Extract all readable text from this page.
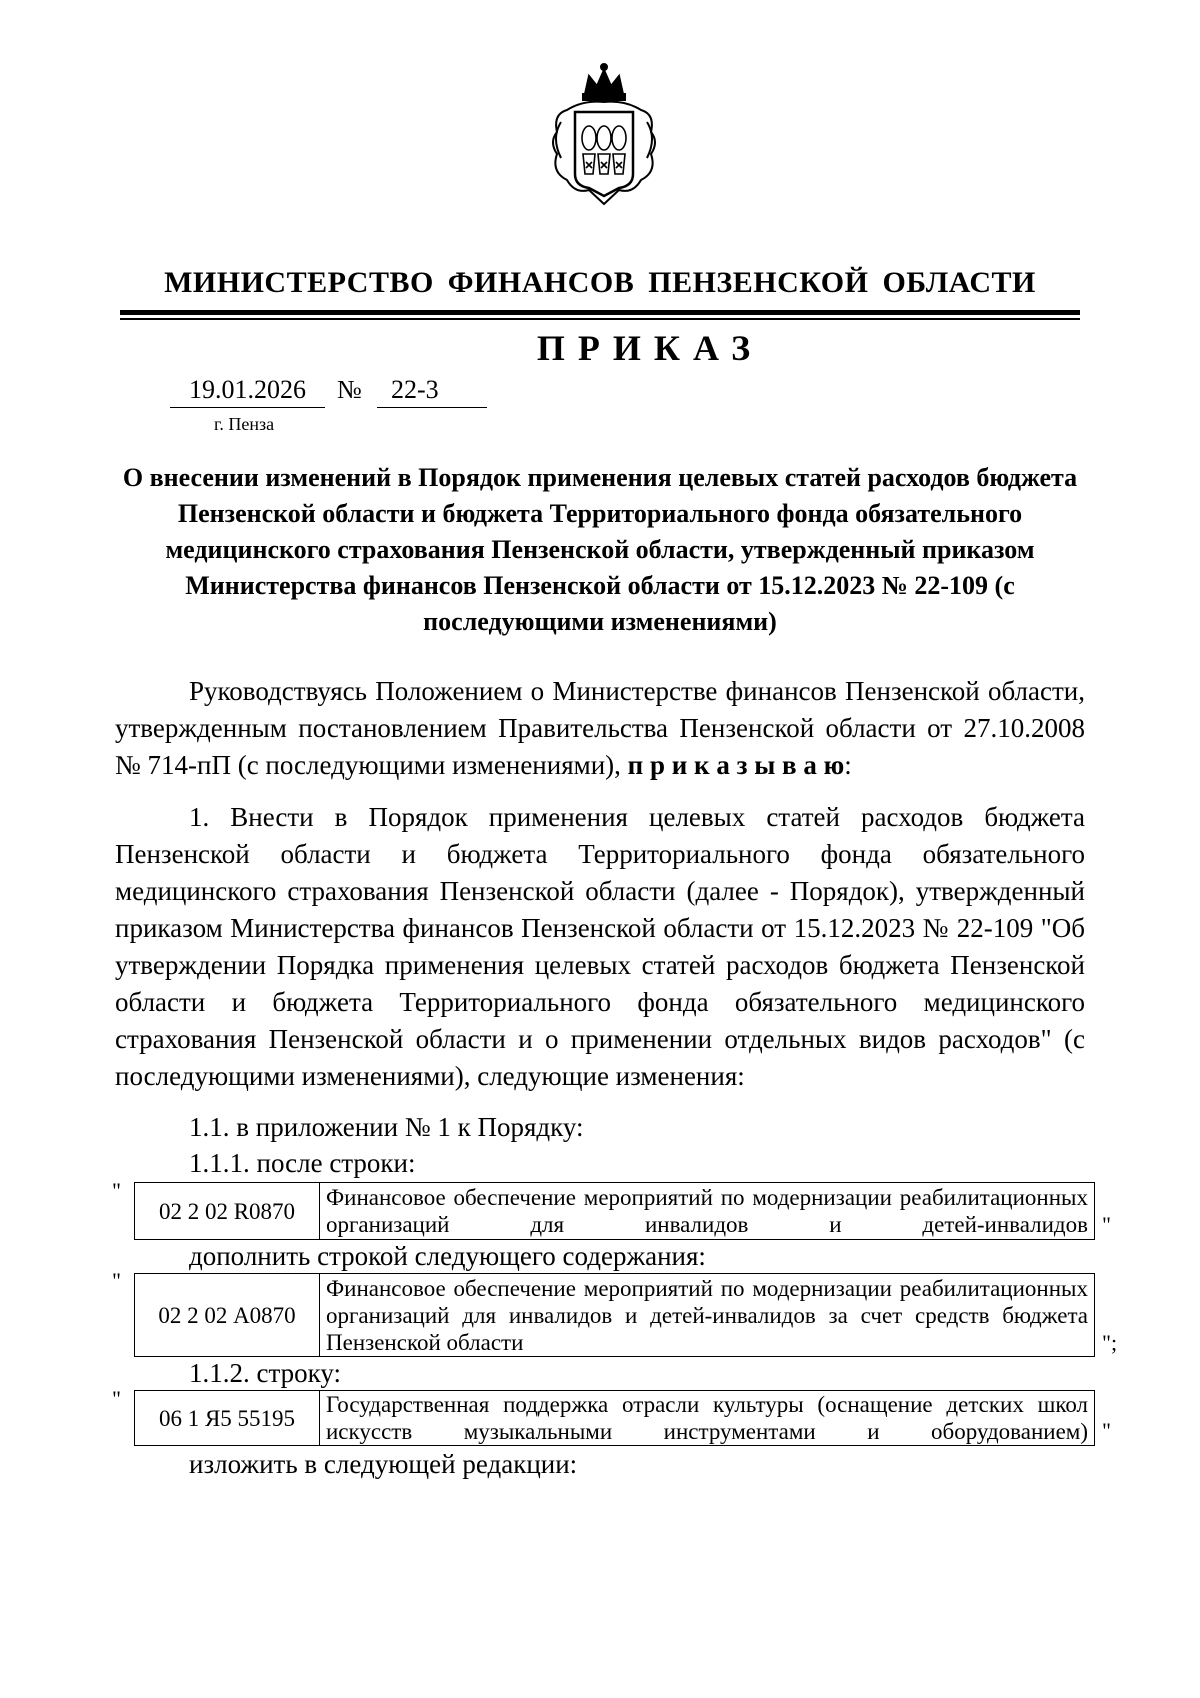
МИНИСТЕРСТВО ФИНАНСОВ ПЕНЗЕНСКОЙ ОБЛАСТИ
ПРИКАЗ
19.01.2026	№	22-3
г. Пенза
О внесении изменений в Порядок применения целевых статей расходов бюджета Пензенской области и бюджета Территориального фонда обязательного медицинского страхования Пензенской области, утвержденный приказом Министерства финансов Пензенской области от 15.12.2023 № 22-109 (с последующими изменениями)
Руководствуясь Положением о Министерстве финансов Пензенской области, утвержденным постановлением Правительства Пензенской области от 27.10.2008 № 714-пП (с последующими изменениями), п р и к а з ы в а ю:
1. Внести в Порядок применения целевых статей расходов бюджета Пензенской области и бюджета Территориального фонда обязательного медицинского страхования Пензенской области (далее - Порядок), утвержденный приказом Министерства финансов Пензенской области от 15.12.2023 № 22-109 "Об утверждении Порядка применения целевых статей расходов бюджета Пензенской области и бюджета Территориального фонда обязательного медицинского страхования Пензенской области и о применении отдельных видов расходов" (с последующими изменениями), следующие изменения:
1.1. в приложении № 1 к Порядку:
1.1.1. после строки:
"
02 2 02 R0870	Финансовое обеспечение мероприятий по модернизации реабилитационных организаций для инвалидов и детей-инвалидов "
дополнить строкой следующего содержания:
"
02 2 02 А0870	Финансовое обеспечение мероприятий по модернизации реабилитационных организаций для инвалидов и детей-инвалидов за счет средств бюджета Пензенской области	";
1.1.2. строку:
"
06 1 Я5 55195	Государственная поддержка отрасли культуры (оснащение детских школ искусств музыкальными инструментами и оборудованием) "
изложить в следующей редакции:
